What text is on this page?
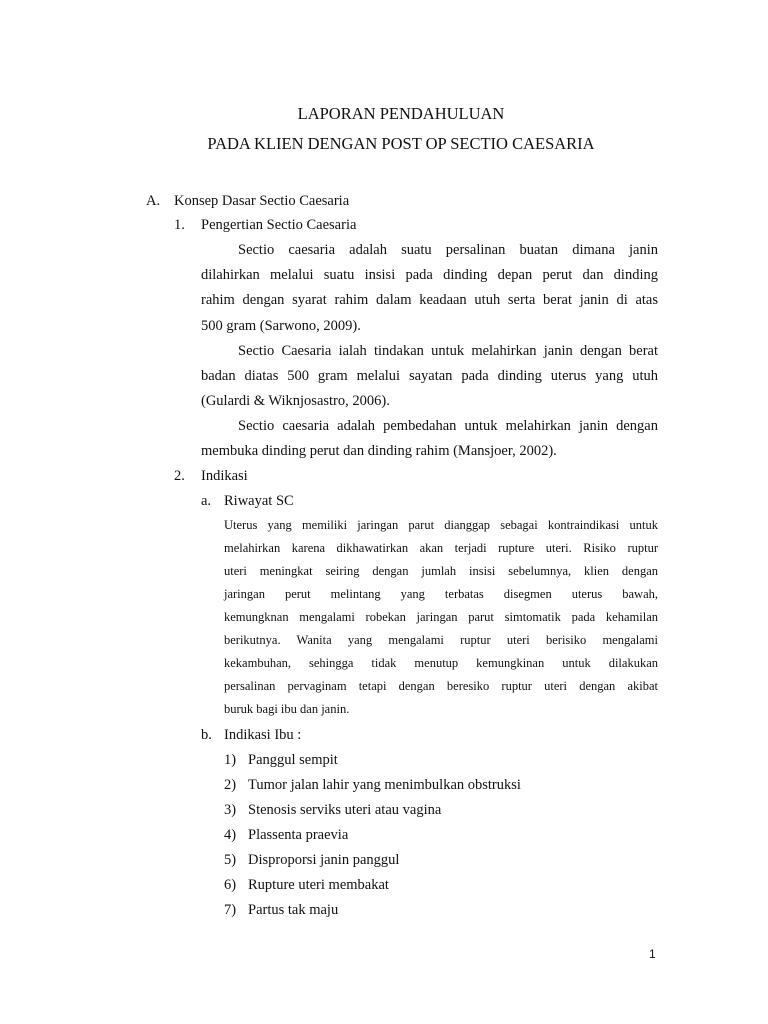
LAPORAN PENDAHULUAN
PADA KLIEN DENGAN POST OP SECTIO CAESARIA
A. Konsep Dasar Sectio Caesaria
1. Pengertian Sectio Caesaria
Sectio caesaria adalah suatu persalinan buatan dimana janin
dilahirkan melalui suatu insisi pada dinding depan perut dan dinding
rahim dengan syarat rahim dalam keadaan utuh serta berat janin di atas
500 gram (Sarwono, 2009).
Sectio Caesaria ialah tindakan untuk melahirkan janin dengan berat
badan diatas 500 gram melalui sayatan pada dinding uterus yang utuh
(Gulardi & Wiknjosastro, 2006).
Sectio caesaria adalah pembedahan untuk melahirkan janin dengan
membuka dinding perut dan dinding rahim (Mansjoer, 2002).
2. Indikasi
a. Riwayat SC
Uterus yang memiliki jaringan parut dianggap sebagai kontraindikasi untuk
melahirkan karena dikhawatirkan akan terjadi rupture uteri. Risiko ruptur
uteri meningkat seiring dengan jumlah insisi sebelumnya, klien dengan
jaringan perut melintang yang terbatas disegmen uterus bawah,
kemungknan mengalami robekan jaringan parut simtomatik pada kehamilan
berikutnya. Wanita yang mengalami ruptur uteri berisiko mengalami
kekambuhan, sehingga tidak menutup kemungkinan untuk dilakukan
persalinan pervaginam tetapi dengan beresiko ruptur uteri dengan akibat
buruk bagi ibu dan janin.
b. Indikasi Ibu :
1) Panggul sempit
2) Tumor jalan lahir yang menimbulkan obstruksi
3) Stenosis serviks uteri atau vagina
4) Plassenta praevia
5) Disproporsi janin panggul
6) Rupture uteri membakat
7) Partus tak maju
1
